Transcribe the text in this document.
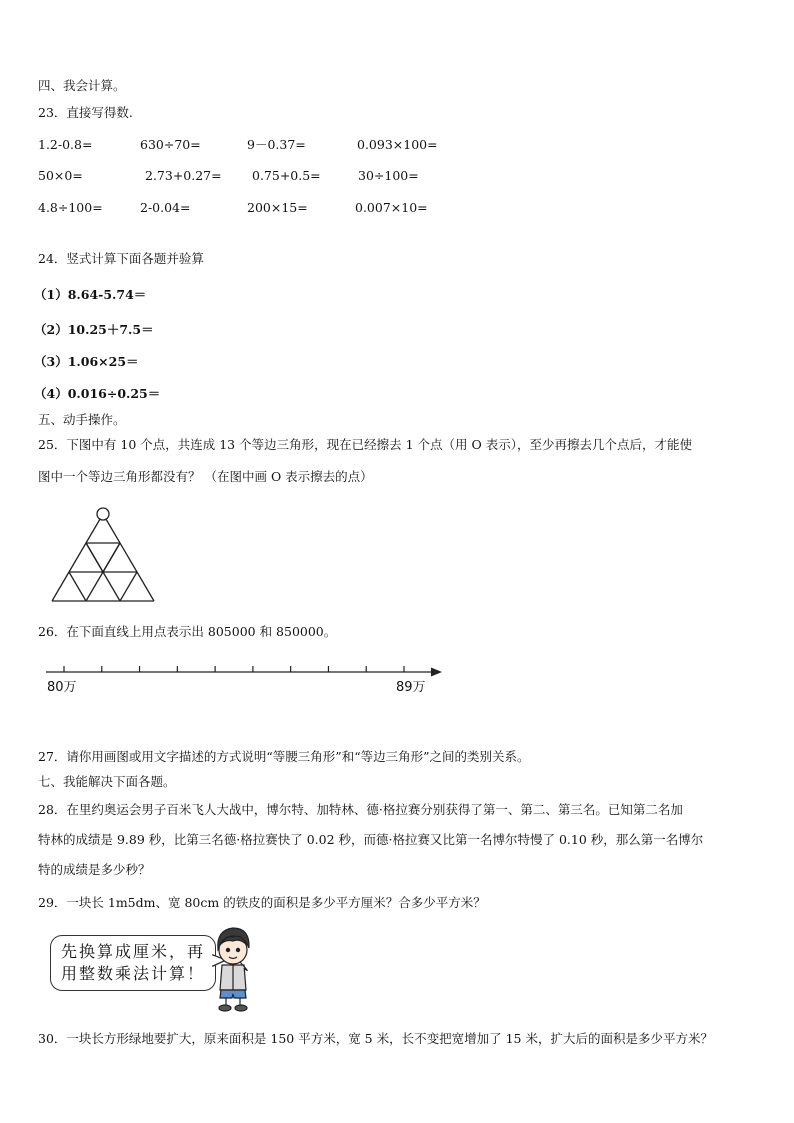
四、我会计算。
23．直接写得数.
1.2-0.8=	630÷70=	9－0.37=	0.093×100=
50×0=	2.73+0.27= 0.75+0.5=	30÷100=
4.8÷100=	2-0.04=	200×15=	0.007×10=
24．竖式计算下面各题并验算
（1）8.64-5.74＝
（2）10.25＋7.5＝
（3）1.06×25＝
（4）0.016÷0.25＝
五、动手操作。
25．下图中有 10 个点，共连成 13 个等边三角形，现在已经擦去 1 个点（用 O 表示），至少再擦去几个点后，才能使
图中一个等边三角形都没有？ （在图中画 O 表示擦去的点）
26．在下面直线上用点表示出 805000 和 850000。
80万	89万
27．请你用画图或用文字描述的方式说明“等腰三角形”和“等边三角形”之间的类别关系。
七、我能解决下面各题。
28．在里约奥运会男子百米飞人大战中，博尔特、加特林、德·格拉赛分别获得了第一、第二、第三名。已知第二名加
特林的成绩是 9.89 秒，比第三名德·格拉赛快了 0.02 秒，而德·格拉赛又比第一名博尔特慢了 0.10 秒，那么第一名博尔
特的成绩是多少秒？
29．一块长 1m5dm、宽 80cm 的铁皮的面积是多少平方厘米？合多少平方米？
先换算成厘米，再
用整数乘法计算！
30．一块长方形绿地要扩大，原来面积是 150 平方米，宽 5 米，长不变把宽增加了 15 米，扩大后的面积是多少平方米？
